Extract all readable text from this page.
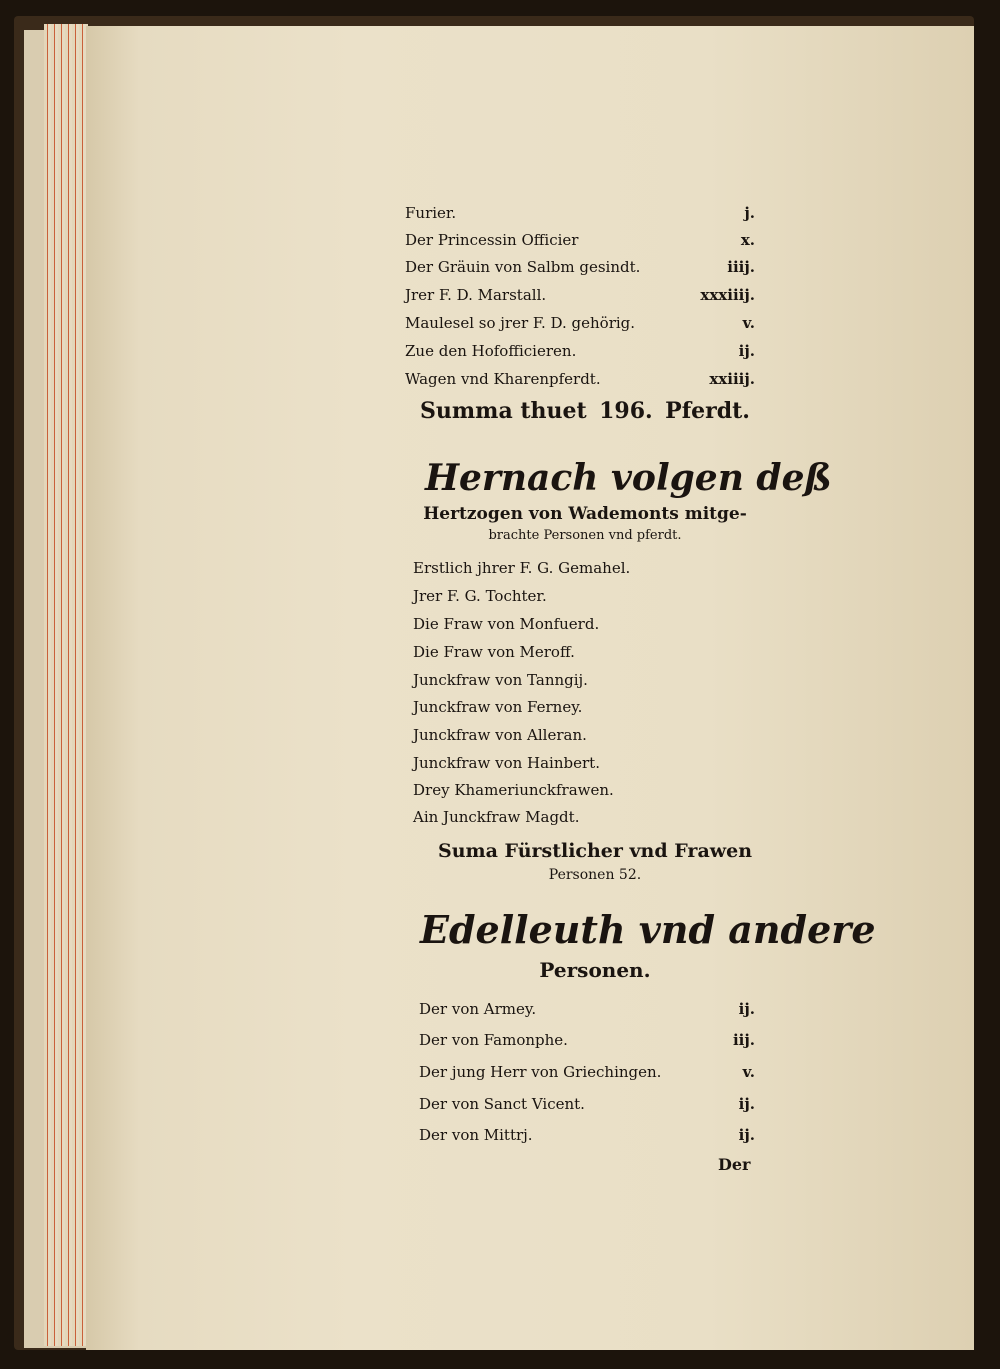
Furier.	j.
Der Princessin Officier	x.
Der Gräuin von Salbm gesindt.	iiij.
Jrer F. D. Marstall.	xxxiiij.
Maulesel so jrer F. D. gehörig.	v.
Zue den Hofofficieren.	ij.
Wagen vnd Kharenpferdt.	xxiiij.
Summa thuet 196. Pferdt.
Hernach volgen deß
Hertzogen von Wademonts mitge-
brachte Personen vnd pferdt.
Erstlich jhrer F. G. Gemahel.
Jrer F. G. Tochter.
Die Fraw von Monfuerd.
Die Fraw von Meroff.
Junckfraw von Tanngij.
Junckfraw von Ferney.
Junckfraw von Alleran.
Junckfraw von Hainbert.
Drey Khameriunckfrawen.
Ain Junckfraw Magdt.
Suma Fürstlicher vnd Frawen
Personen 52.
Edelleuth vnd andere
Personen.
Der von Armey.	ij.
Der von Famonphe.	iij.
Der jung Herr von Griechingen.	v.
Der von Sanct Vicent.	ij.
Der von Mittrj.	ij.
Der
